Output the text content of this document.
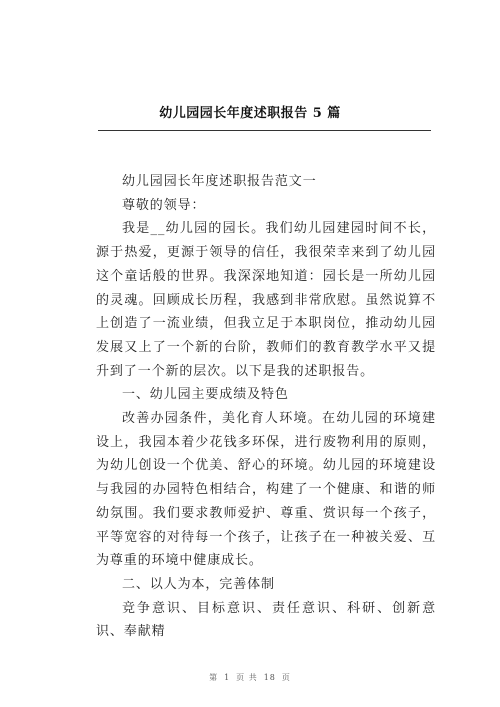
幼儿园园长年度述职报告 5 篇

幼儿园园长年度述职报告范文一

尊敬的领导：

我是__幼儿园的园长。我们幼儿园建园时间不长，源于热爱，更源于领导的信任，我很荣幸来到了幼儿园这个童话般的世界。我深深地知道：园长是一所幼儿园的灵魂。回顾成长历程，我感到非常欣慰。虽然说算不上创造了一流业绩，但我立足于本职岗位，推动幼儿园发展又上了一个新的台阶，教师们的教育教学水平又提升到了一个新的层次。以下是我的述职报告。

一、幼儿园主要成绩及特色

改善办园条件，美化育人环境。在幼儿园的环境建设上，我园本着少花钱多环保，进行废物利用的原则，为幼儿创设一个优美、舒心的环境。幼儿园的环境建设与我园的办园特色相结合，构建了一个健康、和谐的师幼氛围。我们要求教师爱护、尊重、赏识每一个孩子，平等宽容的对待每一个孩子，让孩子在一种被关爱、互为尊重的环境中健康成长。

二、以人为本，完善体制

竞争意识、目标意识、责任意识、科研、创新意识、奉献精

第 1 页 共 18 页
